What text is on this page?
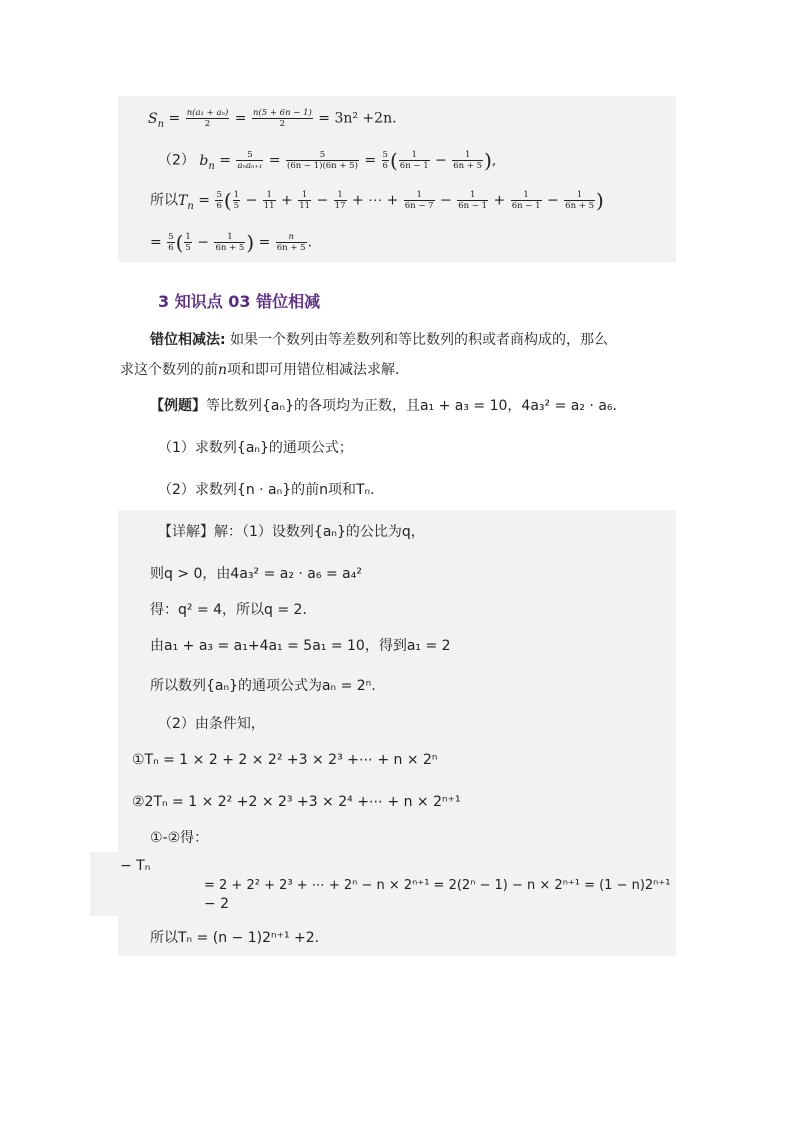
$S_n = \frac{\text{n(a₁ + aₙ)}}{2} = \frac{n(5 + 6n - 1)}{2} = 3n^2 +2n$.
（2） $b_n = \frac{5}{\text{aₙaₙ₊₁}} = \frac{5}{(6n - 1)(6n + 5)} = \frac{5}{6}$ ( $\frac{1}{6n - 1} - \frac{1}{6n + 5}$ ),
所以$T_n = \frac{5}{6}$ ( $\frac{1}{5} - \frac{1}{11} + \frac{1}{11} - \frac{1}{17}$ + ⋯ + $\frac{1}{6n - 7} - \frac{1}{6n - 1} + \frac{1}{6n - 1} - \frac{1}{6n + 5}$ )
= $\frac{5}{6}$ ( $\frac{1}{5} - \frac{1}{6n + 5}$ ) = $\frac{n}{6n + 5}$ .
3 知识点 03 错位相减
错位相减法: 如果一个数列由等差数列和等比数列的积或者商构成的，那么
求这个数列的前n项和即可用错位相减法求解.
【例题】等比数列{aₙ}的各项均为正数，且a₁ + a₃ = 10，4a₃² = a₂ · a₆.
（1）求数列{aₙ}的通项公式；
（2）求数列{n · aₙ}的前n项和Tₙ.
【详解】解：（1）设数列{aₙ}的公比为q，
则q > 0，由4a₃² = a₂ · a₆ = a₄²
得：q² = 4，所以q = 2.
由a₁ + a₃ = a₁+4a₁ = 5a₁ = 10，得到a₁ = 2
所以数列{aₙ}的通项公式为aₙ = 2ⁿ.
（2）由条件知，
①Tₙ = 1 × 2 + 2 × 2² +3 × 2³ +⋯ + n × 2ⁿ
②2Tₙ = 1 × 2² +2 × 2³ +3 × 2⁴ +⋯ + n × 2ⁿ⁺¹
①-②得：
− Tₙ
= 2 + 2² + 2³ + ⋯ + 2ⁿ − n × 2ⁿ⁺¹ = 2(2ⁿ − 1) − n × 2ⁿ⁺¹ = (1 − n)2ⁿ⁺¹
− 2
所以Tₙ = (n − 1)2ⁿ⁺¹ +2.
